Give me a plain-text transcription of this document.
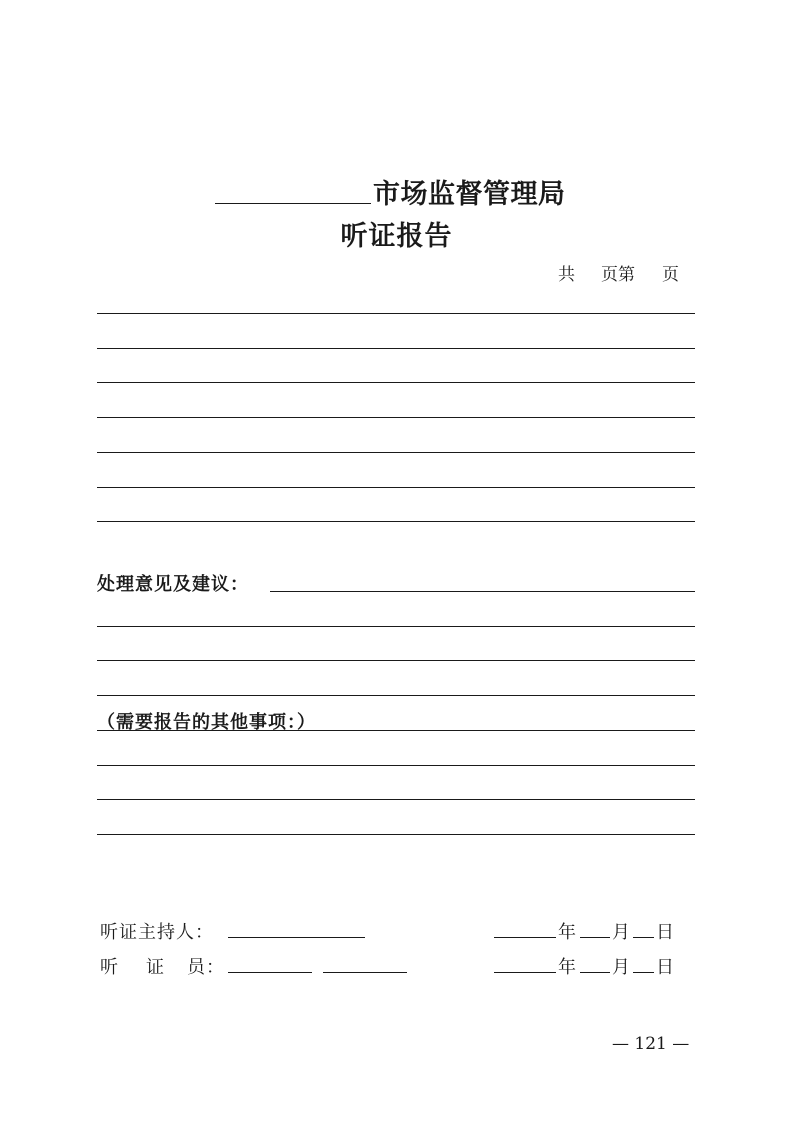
市场监督管理局
听证报告
共 页第 页
处理意见及建议：
（需要报告的其他事项：）
听证主持人：	年 月 日
听 证 员：	年 月 日
— 121 —
